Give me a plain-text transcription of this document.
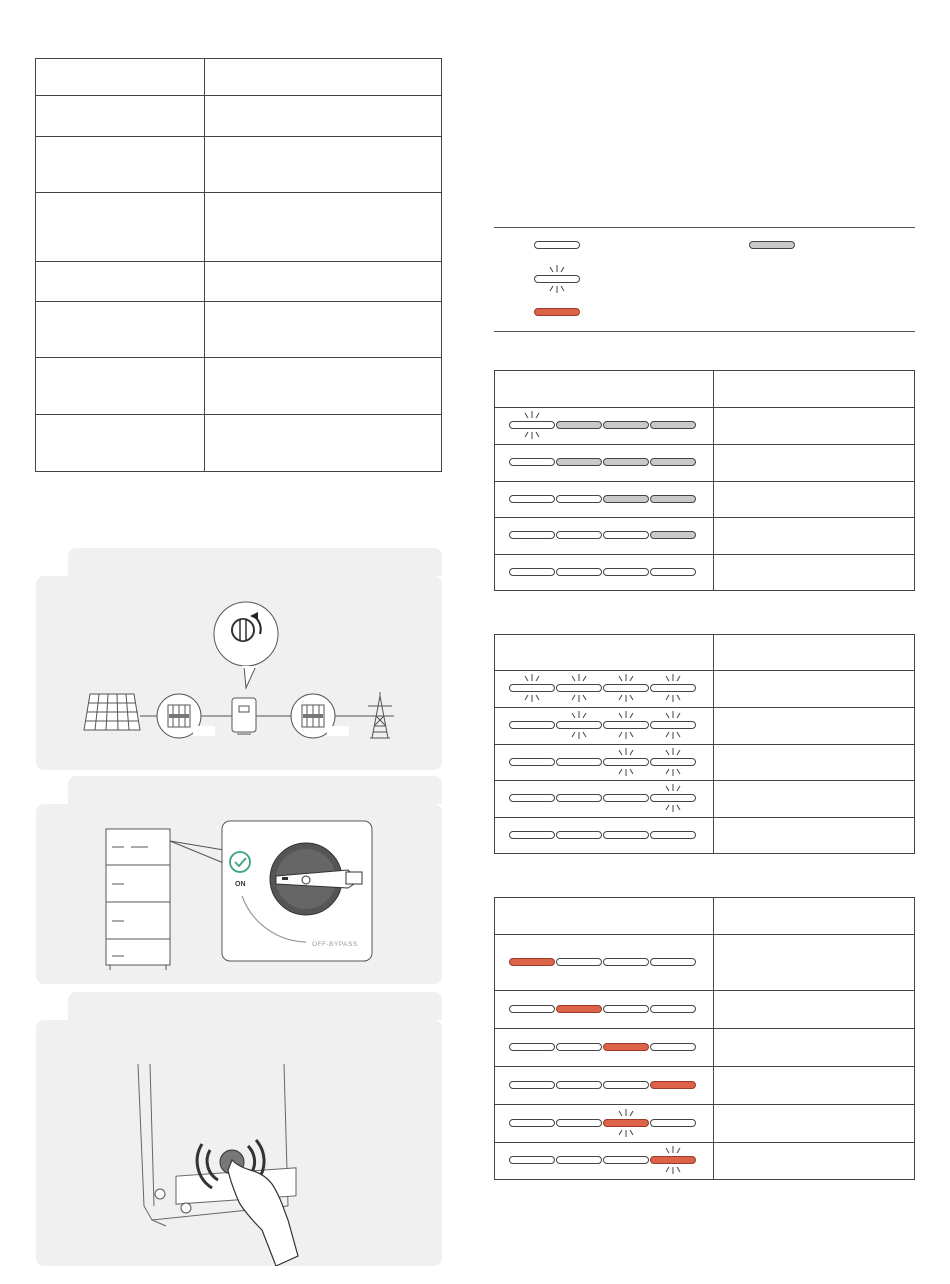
ON
OFF-BYPASS
